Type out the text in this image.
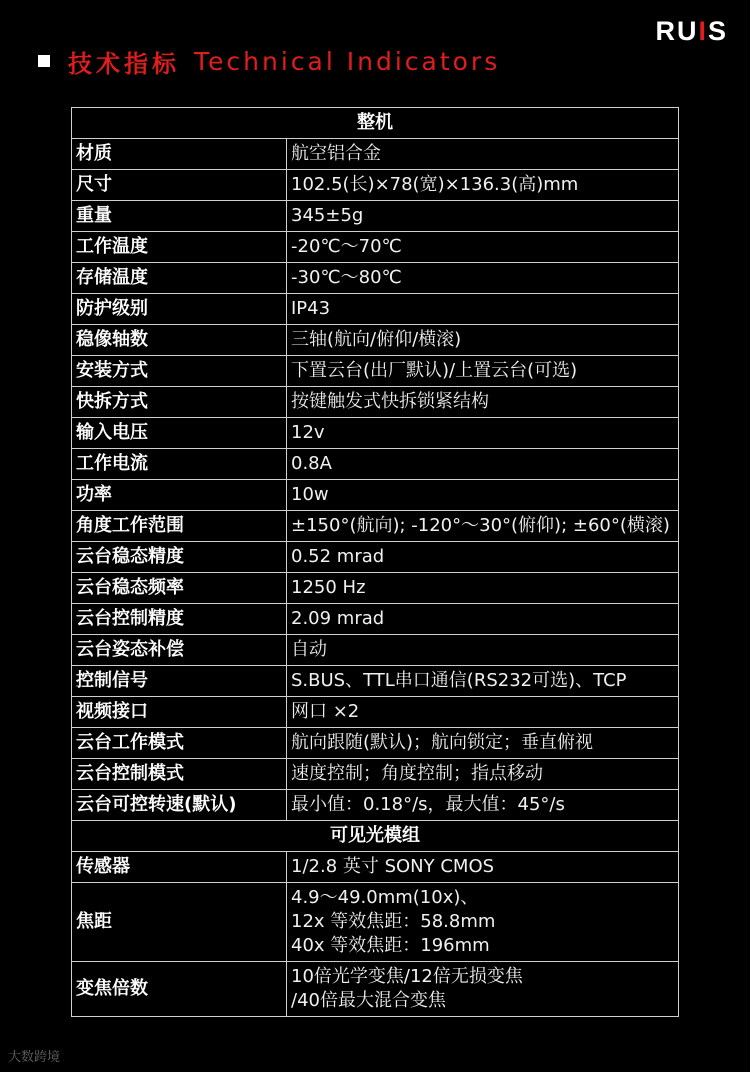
RUIS
技术指标 Technical Indicators
整机	
材质	航空铝合金
尺寸	102.5(长)×78(宽)×136.3(高)mm
重量	345±5g
工作温度	-20℃～70℃
存储温度	-30℃～80℃
防护级别	IP43
稳像轴数	三轴(航向/俯仰/横滚)
安装方式	下置云台(出厂默认)/上置云台(可选)
快拆方式	按键触发式快拆锁紧结构
输入电压	12v
工作电流	0.8A
功率	10w
角度工作范围	±150°(航向); -120°～30°(俯仰); ±60°(横滚)
云台稳态精度	0.52 mrad
云台稳态频率	1250 Hz
云台控制精度	2.09 mrad
云台姿态补偿	自动
控制信号	S.BUS、TTL串口通信(RS232可选)、TCP
视频接口	网口 ×2
云台工作模式	航向跟随(默认)；航向锁定；垂直俯视
云台控制模式	速度控制；角度控制；指点移动
云台可控转速(默认)	最小值：0.18°/s，最大值：45°/s
可见光模组	
传感器	1/2.8 英寸 SONY CMOS
焦距	4.9～49.0mm(10x)、
12x 等效焦距：58.8mm
40x 等效焦距：196mm

变焦倍数	10倍光学变焦/12倍无损变焦
/40倍最大混合变焦
大数跨境
